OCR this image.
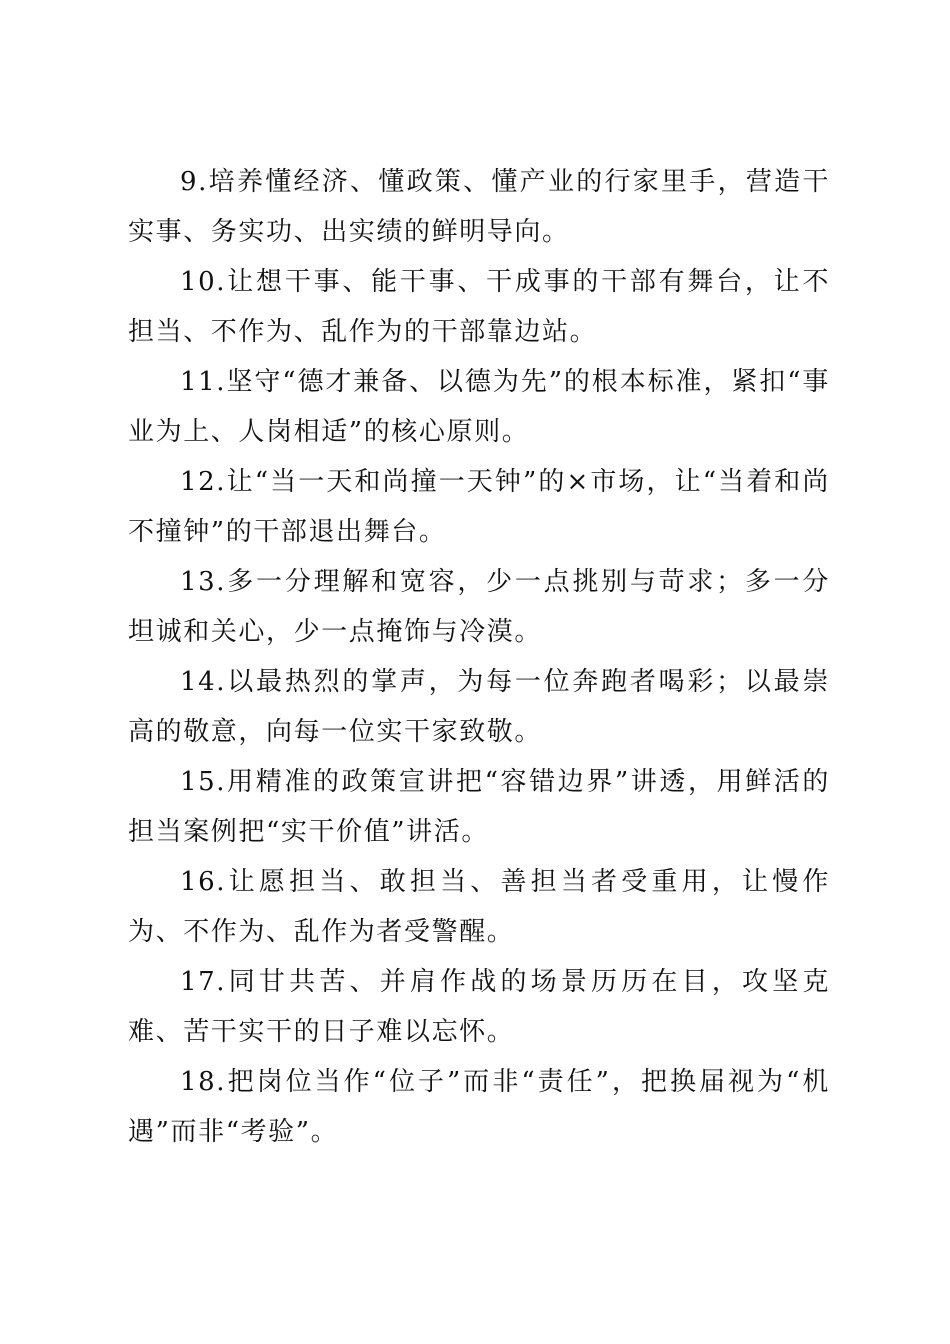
9.培养懂经济、懂政策、懂产业的行家里手，营造干实事、务实功、出实绩的鲜明导向。

10.让想干事、能干事、干成事的干部有舞台，让不担当、不作为、乱作为的干部靠边站。

11.坚守“德才兼备、以德为先”的根本标准，紧扣“事业为上、人岗相适”的核心原则。

12.让“当一天和尚撞一天钟”的×市场，让“当着和尚不撞钟”的干部退出舞台。

13.多一分理解和宽容，少一点挑别与苛求；多一分坦诚和关心，少一点掩饰与冷漠。

14.以最热烈的掌声，为每一位奔跑者喝彩；以最崇高的敬意，向每一位实干家致敬。

15.用精准的政策宣讲把“容错边界”讲透，用鲜活的担当案例把“实干价值”讲活。

16.让愿担当、敢担当、善担当者受重用，让慢作为、不作为、乱作为者受警醒。

17.同甘共苦、并肩作战的场景历历在目，攻坚克难、苦干实干的日子难以忘怀。

18.把岗位当作“位子”而非“责任”，把换届视为“机遇”而非“考验”。
